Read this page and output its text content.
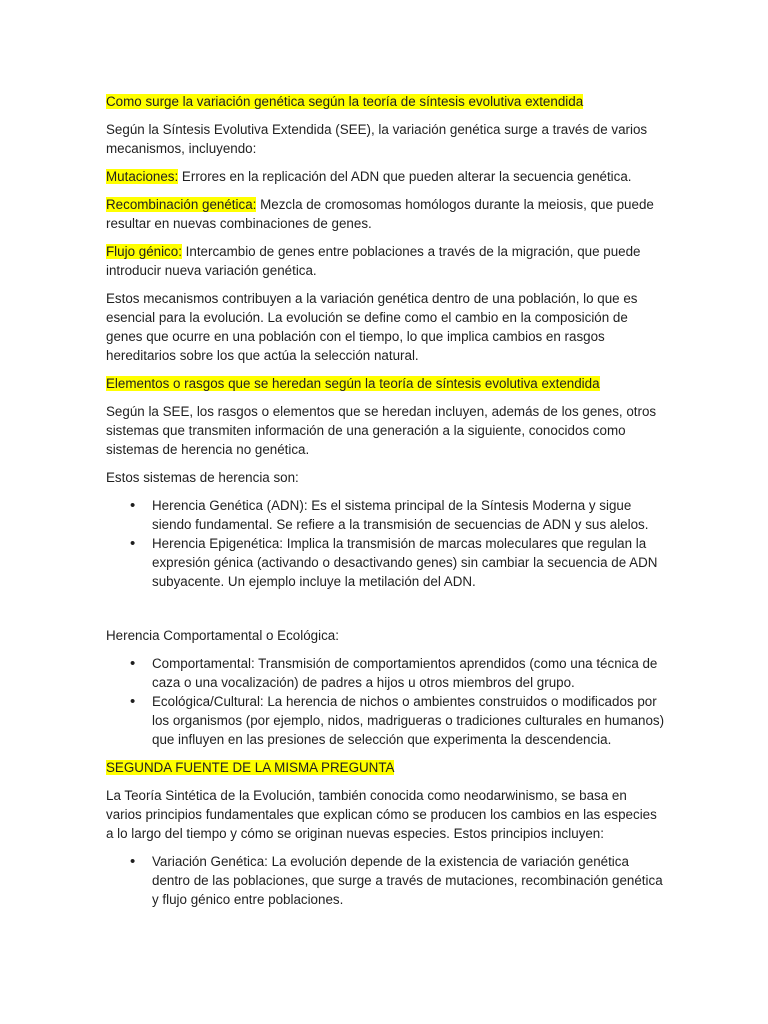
Como surge la variación genética según la teoría de síntesis evolutiva extendida

Según la Síntesis Evolutiva Extendida (SEE), la variación genética surge a través de varios mecanismos, incluyendo:

Mutaciones: Errores en la replicación del ADN que pueden alterar la secuencia genética.

Recombinación genética: Mezcla de cromosomas homólogos durante la meiosis, que puede resultar en nuevas combinaciones de genes.

Flujo génico: Intercambio de genes entre poblaciones a través de la migración, que puede introducir nueva variación genética.

Estos mecanismos contribuyen a la variación genética dentro de una población, lo que es esencial para la evolución. La evolución se define como el cambio en la composición de genes que ocurre en una población con el tiempo, lo que implica cambios en rasgos hereditarios sobre los que actúa la selección natural.

Elementos o rasgos que se heredan según la teoría de síntesis evolutiva extendida

Según la SEE, los rasgos o elementos que se heredan incluyen, además de los genes, otros sistemas que transmiten información de una generación a la siguiente, conocidos como sistemas de herencia no genética.

Estos sistemas de herencia son:

• Herencia Genética (ADN): Es el sistema principal de la Síntesis Moderna y sigue siendo fundamental. Se refiere a la transmisión de secuencias de ADN y sus alelos.
• Herencia Epigenética: Implica la transmisión de marcas moleculares que regulan la expresión génica (activando o desactivando genes) sin cambiar la secuencia de ADN subyacente. Un ejemplo incluye la metilación del ADN.

Herencia Comportamental o Ecológica:

• Comportamental: Transmisión de comportamientos aprendidos (como una técnica de caza o una vocalización) de padres a hijos u otros miembros del grupo.
• Ecológica/Cultural: La herencia de nichos o ambientes construidos o modificados por los organismos (por ejemplo, nidos, madrigueras o tradiciones culturales en humanos) que influyen en las presiones de selección que experimenta la descendencia.

SEGUNDA FUENTE DE LA MISMA PREGUNTA

La Teoría Sintética de la Evolución, también conocida como neodarwinismo, se basa en varios principios fundamentales que explican cómo se producen los cambios en las especies a lo largo del tiempo y cómo se originan nuevas especies. Estos principios incluyen:

• Variación Genética: La evolución depende de la existencia de variación genética dentro de las poblaciones, que surge a través de mutaciones, recombinación genética y flujo génico entre poblaciones.
